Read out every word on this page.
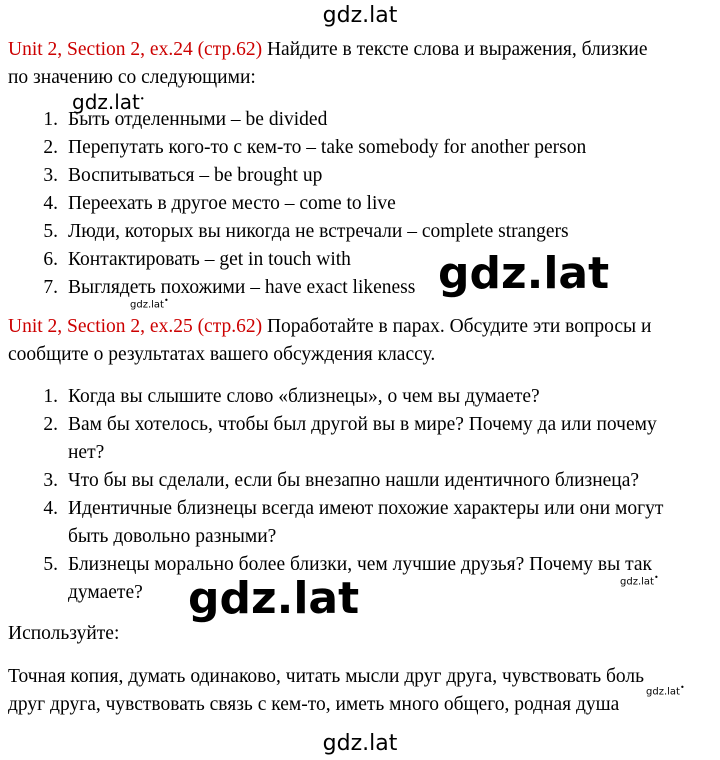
gdz.lat
Unit 2, Section 2, ex.24 (стр.62) Найдите в тексте слова и выражения, близкие
по значению со следующими:
gdz.lat•
1. Быть отделенными – be divided
2. Перепутать кого-то с кем-то – take somebody for another person
3. Воспитываться – be brought up
4. Переехать в другое место – come to live
5. Люди, которых вы никогда не встречали – complete strangers
6. Контактировать – get in touch with
7. Выглядеть похожими – have exact likeness gdz.lat
gdz.lat•
Unit 2, Section 2, ex.25 (стр.62) Поработайте в парах. Обсудите эти вопросы и
сообщите о результатах вашего обсуждения классу.
1. Когда вы слышите слово «близнецы», о чем вы думаете?
2. Вам бы хотелось, чтобы был другой вы в мире? Почему да или почему
нет?
3. Что бы вы сделали, если бы внезапно нашли идентичного близнеца?
4. Идентичные близнецы всегда имеют похожие характеры или они могут
быть довольно разными?
5. Близнецы морально более близки, чем лучшие друзья? Почему вы так
думаете?
gdz.lat•
gdz.lat
Используйте:
Точная копия, думать одинаково, читать мысли друг друга, чувствовать боль
друг друга, чувствовать связь с кем-то, иметь много общего, родная душа
gdz.lat•
gdz.lat
